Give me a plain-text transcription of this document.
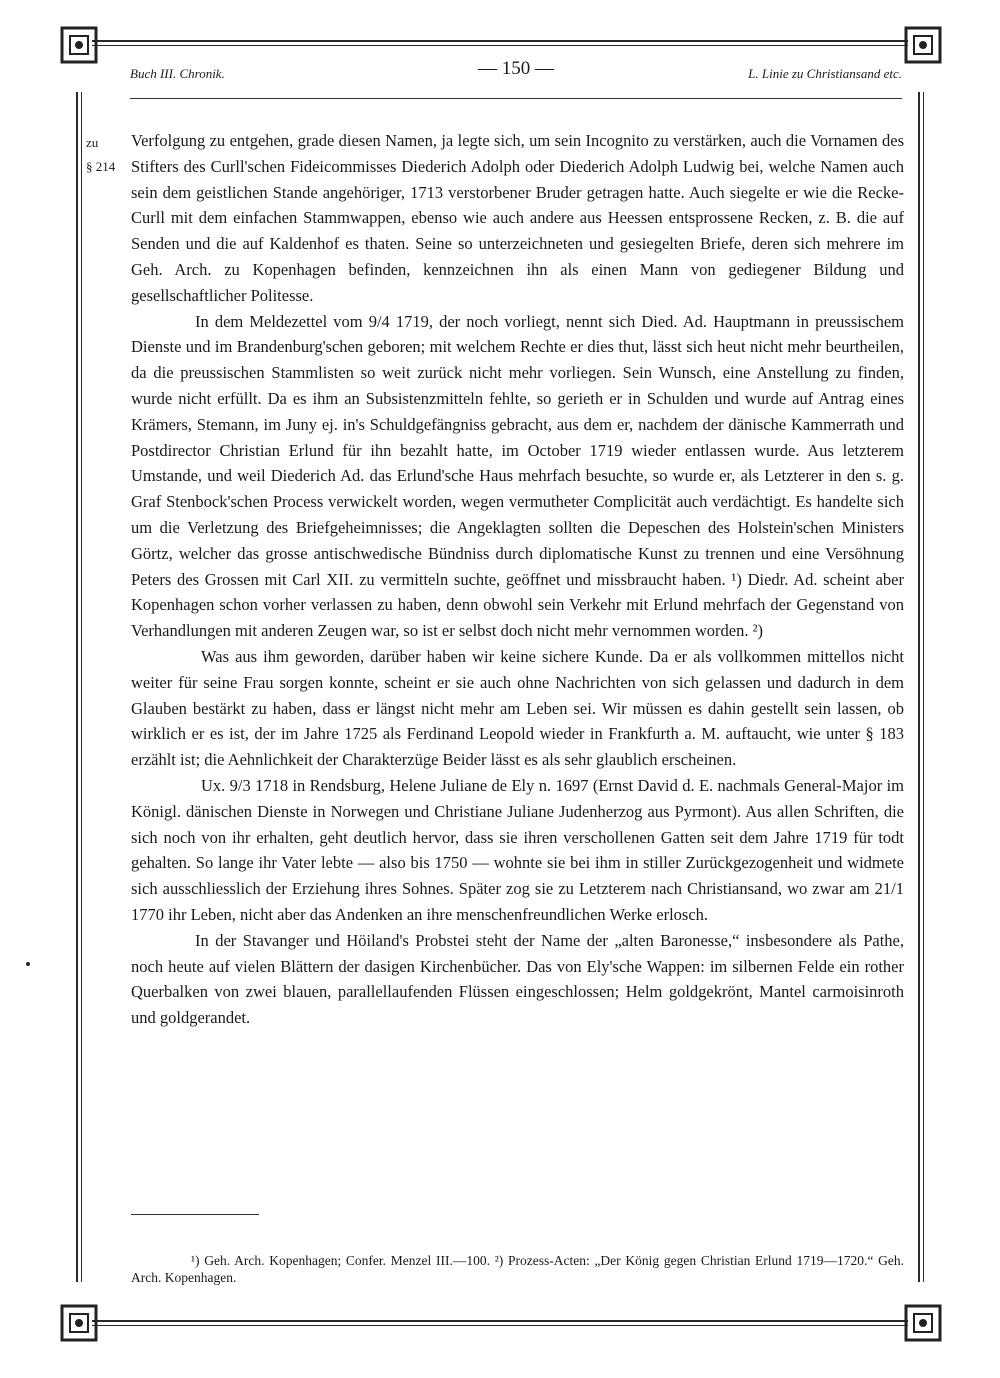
Buch III. Chronik.	— 150 —	L. Linie zu Christiansand etc.
zu
§ 214

Verfolgung zu entgehen, grade diesen Namen, ja legte sich, um sein Incognito zu verstärken, auch die Vornamen des Stifters des Curll'schen Fideicommisses Diederich Adolph oder Diederich Adolph Ludwig bei, welche Namen auch sein dem geistlichen Stande angehöriger, 1713 verstorbener Bruder getragen hatte. Auch siegelte er wie die Recke-Curll mit dem einfachen Stammwappen, ebenso wie auch andere aus Heessen entsprossene Recken, z. B. die auf Senden und die auf Kaldenhof es thaten. Seine so unterzeichneten und gesiegelten Briefe, deren sich mehrere im Geh. Arch. zu Kopenhagen befinden, kennzeichnen ihn als einen Mann von gediegener Bildung und gesellschaftlicher Politesse.

In dem Meldezettel vom 9/4 1719, der noch vorliegt, nennt sich Died. Ad. Hauptmann in preussischem Dienste und im Brandenburg'schen geboren; mit welchem Rechte er dies thut, lässt sich heut nicht mehr beurtheilen, da die preussischen Stammlisten so weit zurück nicht mehr vorliegen. Sein Wunsch, eine Anstellung zu finden, wurde nicht erfüllt. Da es ihm an Subsistenzmitteln fehlte, so gerieth er in Schulden und wurde auf Antrag eines Krämers, Stemann, im Juny ej. in's Schuldgefängniss gebracht, aus dem er, nachdem der dänische Kammerrath und Postdirector Christian Erlund für ihn bezahlt hatte, im October 1719 wieder entlassen wurde. Aus letzterem Umstande, und weil Diederich Ad. das Erlund'sche Haus mehrfach besuchte, so wurde er, als Letzterer in den s. g. Graf Stenbock'schen Process verwickelt worden, wegen vermutheter Complicität auch verdächtigt. Es handelte sich um die Verletzung des Briefgeheimnisses; die Angeklagten sollten die Depeschen des Holstein'schen Ministers Görtz, welcher das grosse antischwedische Bündniss durch diplomatische Kunst zu trennen und eine Versöhnung Peters des Grossen mit Carl XII. zu vermitteln suchte, geöffnet und missbraucht haben. ¹) Diedr. Ad. scheint aber Kopenhagen schon vorher verlassen zu haben, denn obwohl sein Verkehr mit Erlund mehrfach der Gegenstand von Verhandlungen mit anderen Zeugen war, so ist er selbst doch nicht mehr vernommen worden. ²)

Was aus ihm geworden, darüber haben wir keine sichere Kunde. Da er als vollkommen mittellos nicht weiter für seine Frau sorgen konnte, scheint er sie auch ohne Nachrichten von sich gelassen und dadurch in dem Glauben bestärkt zu haben, dass er längst nicht mehr am Leben sei. Wir müssen es dahin gestellt sein lassen, ob wirklich er es ist, der im Jahre 1725 als Ferdinand Leopold wieder in Frankfurth a. M. auftaucht, wie unter § 183 erzählt ist; die Aehnlichkeit der Charakterzüge Beider lässt es als sehr glaublich erscheinen.

Ux. 9/3 1718 in Rendsburg, Helene Juliane de Ely n. 1697 (Ernst David d. E. nachmals General-Major im Königl. dänischen Dienste in Norwegen und Christiane Juliane Judenherzog aus Pyrmont). Aus allen Schriften, die sich noch von ihr erhalten, geht deutlich hervor, dass sie ihren verschollenen Gatten seit dem Jahre 1719 für todt gehalten. So lange ihr Vater lebte — also bis 1750 — wohnte sie bei ihm in stiller Zurückgezogenheit und widmete sich ausschliesslich der Erziehung ihres Sohnes. Später zog sie zu Letzterem nach Christiansand, wo zwar am 21/1 1770 ihr Leben, nicht aber das Andenken an ihre menschenfreundlichen Werke erlosch.

In der Stavanger und Höiland's Probstei steht der Name der „alten Baronesse,“ insbesondere als Pathe, noch heute auf vielen Blättern der dasigen Kirchenbücher. Das von Ely'sche Wappen: im silbernen Felde ein rother Querbalken von zwei blauen, parallellaufenden Flüssen eingeschlossen; Helm goldgekrönt, Mantel carmoisinroth und goldgerandet.

¹) Geh. Arch. Kopenhagen; Confer. Menzel III.—100. ²) Prozess-Acten: „Der König gegen Christian Erlund 1719—1720.“ Geh. Arch. Kopenhagen.
